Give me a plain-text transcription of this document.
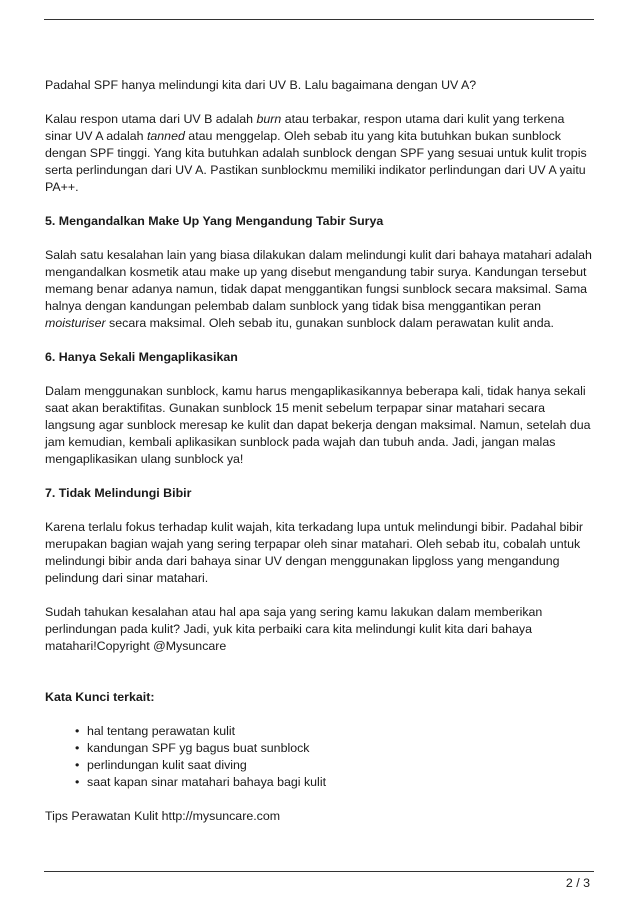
Padahal SPF hanya melindungi kita dari UV B. Lalu bagaimana dengan UV A?

Kalau respon utama dari UV B adalah burn atau terbakar, respon utama dari kulit yang terkena sinar UV A adalah tanned atau menggelap. Oleh sebab itu yang kita butuhkan bukan sunblock dengan SPF tinggi. Yang kita butuhkan adalah sunblock dengan SPF yang sesuai untuk kulit tropis serta perlindungan dari UV A. Pastikan sunblockmu memiliki indikator perlindungan dari UV A yaitu PA++.

5. Mengandalkan Make Up Yang Mengandung Tabir Surya

Salah satu kesalahan lain yang biasa dilakukan dalam melindungi kulit dari bahaya matahari adalah mengandalkan kosmetik atau make up yang disebut mengandung tabir surya. Kandungan tersebut memang benar adanya namun, tidak dapat menggantikan fungsi sunblock secara maksimal. Sama halnya dengan kandungan pelembab dalam sunblock yang tidak bisa menggantikan peran moisturiser secara maksimal. Oleh sebab itu, gunakan sunblock dalam perawatan kulit anda.

6. Hanya Sekali Mengaplikasikan

Dalam menggunakan sunblock, kamu harus mengaplikasikannya beberapa kali, tidak hanya sekali saat akan beraktifitas. Gunakan sunblock 15 menit sebelum terpapar sinar matahari secara langsung agar sunblock meresap ke kulit dan dapat bekerja dengan maksimal. Namun, setelah dua jam kemudian, kembali aplikasikan sunblock pada wajah dan tubuh anda. Jadi, jangan malas mengaplikasikan ulang sunblock ya!

7. Tidak Melindungi Bibir

Karena terlalu fokus terhadap kulit wajah, kita terkadang lupa untuk melindungi bibir. Padahal bibir merupakan bagian wajah yang sering terpapar oleh sinar matahari. Oleh sebab itu, cobalah untuk melindungi bibir anda dari bahaya sinar UV dengan menggunakan lipgloss yang mengandung pelindung dari sinar matahari.

Sudah tahukan kesalahan atau hal apa saja yang sering kamu lakukan dalam memberikan perlindungan pada kulit? Jadi, yuk kita perbaiki cara kita melindungi kulit kita dari bahaya matahari!Copyright @Mysuncare

Kata Kunci terkait:
• hal tentang perawatan kulit
• kandungan SPF yg bagus buat sunblock
• perlindungan kulit saat diving
• saat kapan sinar matahari bahaya bagi kulit

Tips Perawatan Kulit http://mysuncare.com

2 / 3
